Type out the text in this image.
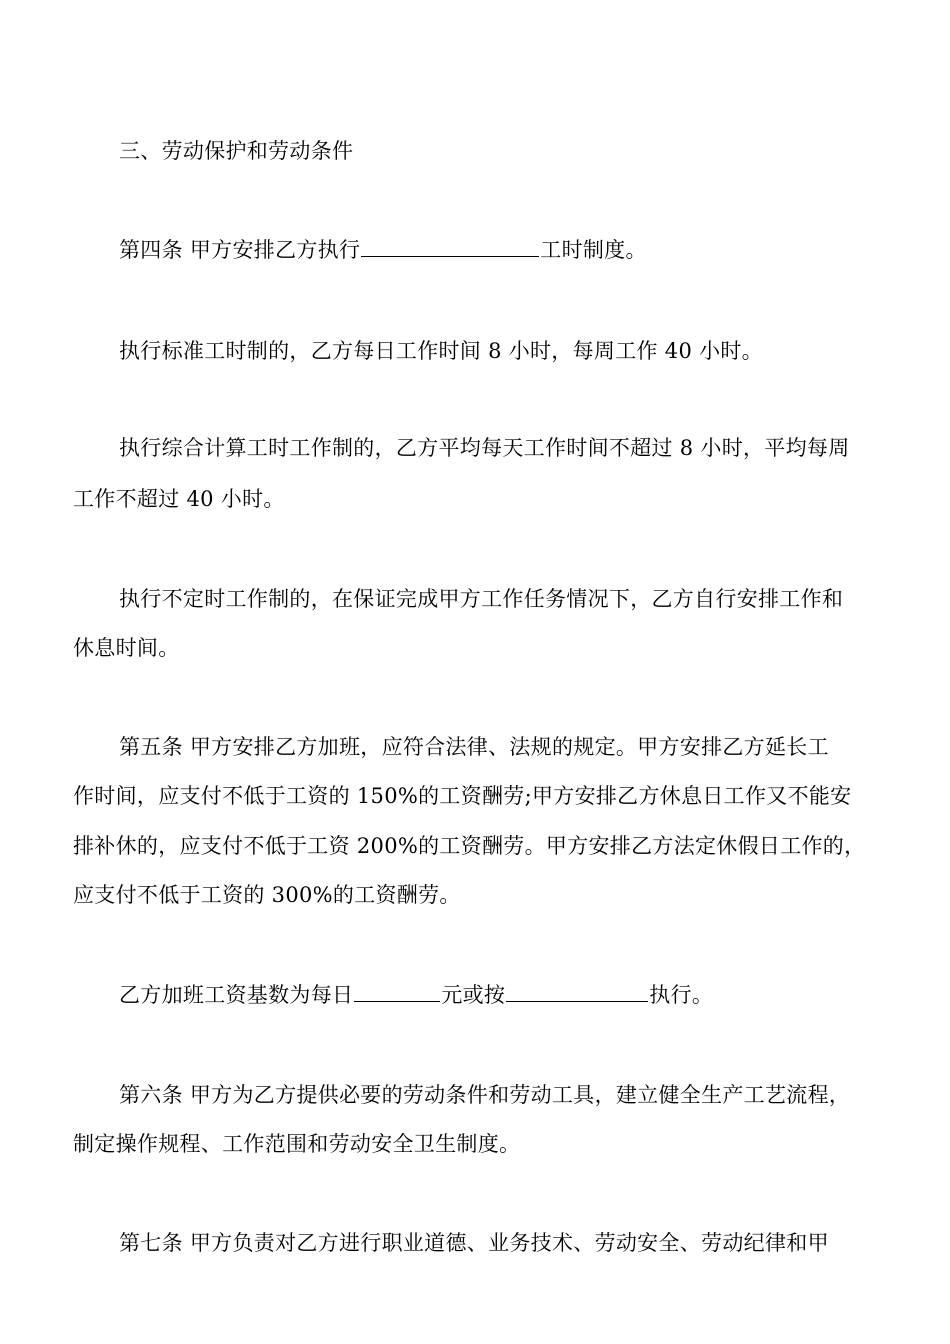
三、劳动保护和劳动条件
第四条 甲方安排乙方执行	工时制度。
执行标准工时制的，乙方每日工作时间 8 小时，每周工作 40 小时。
执行综合计算工时工作制的，乙方平均每天工作时间不超过 8 小时，平均每周
工作不超过 40 小时。
执行不定时工作制的，在保证完成甲方工作任务情况下，乙方自行安排工作和
休息时间。
第五条 甲方安排乙方加班，应符合法律、法规的规定。甲方安排乙方延长工
作时间，应支付不低于工资的 150%的工资酬劳;甲方安排乙方休息日工作又不能安
排补休的，应支付不低于工资 200%的工资酬劳。甲方安排乙方法定休假日工作的，
应支付不低于工资的 300%的工资酬劳。
乙方加班工资基数为每日	元或按	执行。
第六条 甲方为乙方提供必要的劳动条件和劳动工具，建立健全生产工艺流程，
制定操作规程、工作范围和劳动安全卫生制度。
第七条 甲方负责对乙方进行职业道德、业务技术、劳动安全、劳动纪律和甲
